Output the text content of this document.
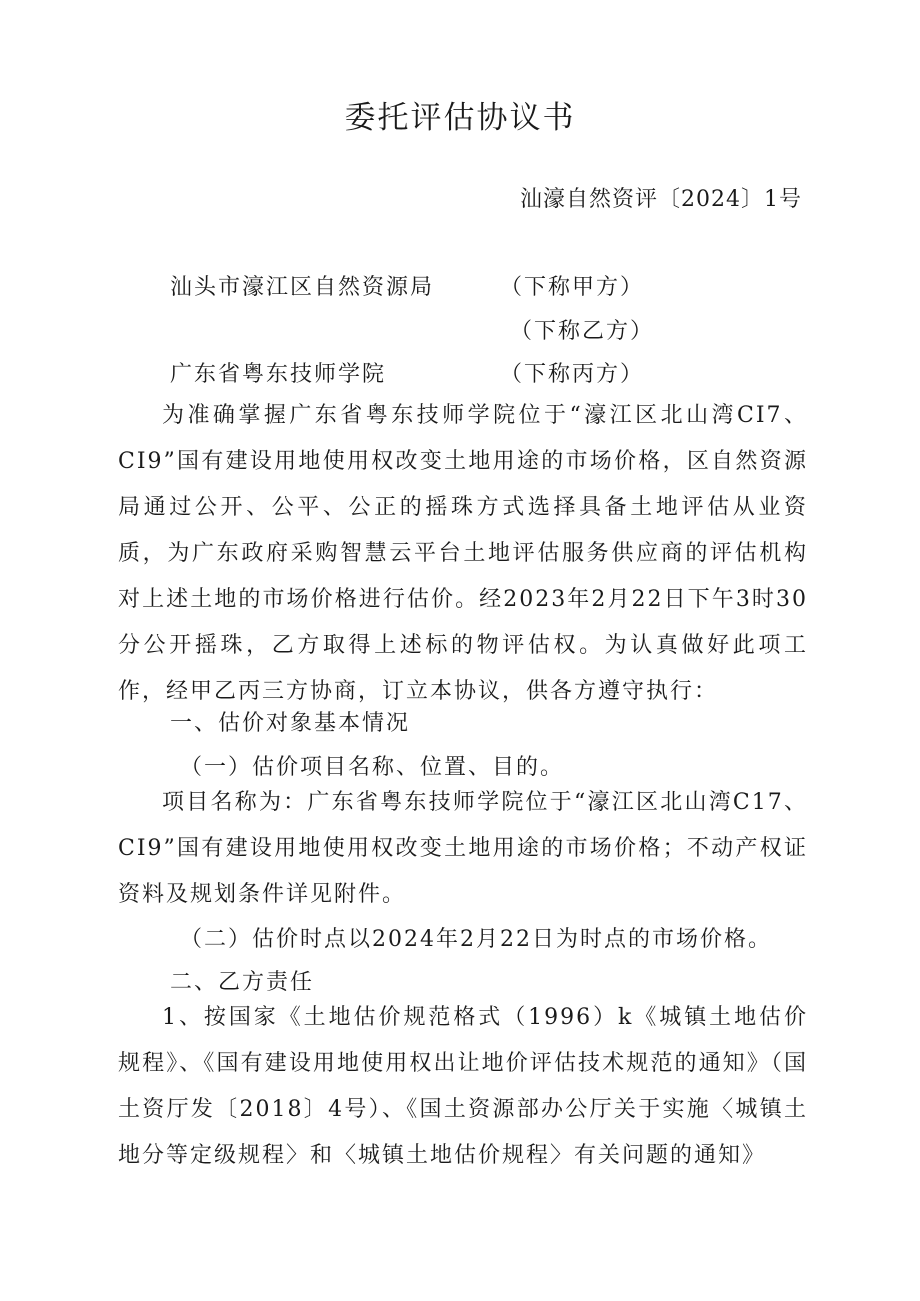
委托评估协议书
汕濠自然资评〔2024〕1号
汕头市濠江区自然资源局	（下称甲方）
（下称乙方）
广东省粤东技师学院	（下称丙方）

为准确掌握广东省粤东技师学院位于“濠江区北山湾CI7、CI9”国有建设用地使用权改变土地用途的市场价格，区自然资源局通过公开、公平、公正的摇珠方式选择具备土地评估从业资质，为广东政府采购智慧云平台土地评估服务供应商的评估机构对上述土地的市场价格进行估价。经2023年2月22日下午3时30分公开摇珠，乙方取得上述标的物评估权。为认真做好此项工作，经甲乙丙三方协商，订立本协议，供各方遵守执行：

一、估价对象基本情况
（一）估价项目名称、位置、目的。

项目名称为：广东省粤东技师学院位于“濠江区北山湾C17、CI9”国有建设用地使用权改变土地用途的市场价格；不动产权证资料及规划条件详见附件。

（二）估价时点以2024年2月22日为时点的市场价格。
二、乙方责任

1、按国家《土地估价规范格式（1996）k《城镇土地估价规程》、《国有建设用地使用权出让地价评估技术规范的通知》（国土资厅发〔2018〕4号）、《国土资源部办公厅关于实施〈城镇土地分等定级规程〉和〈城镇土地估价规程〉有关问题的通知》
